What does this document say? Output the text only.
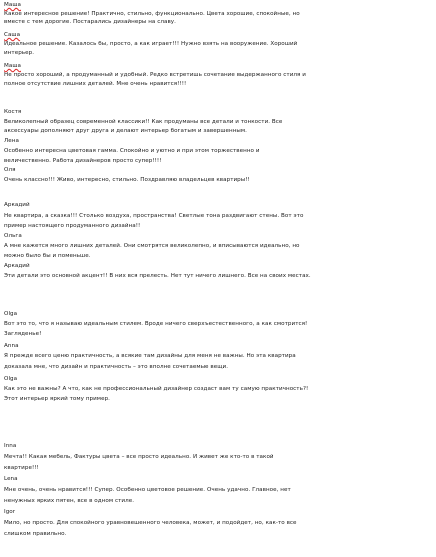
Маша
Какое интересное решение! Практично, стильно, функционально. Цвета хорошие, спокойные, но
вместе с тем дорогие. Постарались дизайнеры на славу.
Саша
Идеальное решение. Казалось бы, просто, а как играет!!! Нужно взять на вооружение. Хороший
интерьер.
Маша
Не просто хороший, а продуманный и удобный. Редко встретишь сочетание выдержанного стиля и
полное отсутствие лишних деталей. Мне очень нравится!!!!
Костя
Великолепный образец современной классики!! Как продуманы все детали и тонкости. Все
аксессуары дополняют друг друга и делают интерьер богатым и завершенным.
Лена
Особенно интересна цветовая гамма. Спокойно и уютно и при этом торжественно и
величественно. Работа дизайнеров просто супер!!!!
Оля
Очень классно!!! Живо, интересно, стильно. Поздравляю владельцев квартиры!!
Аркадий
Не квартира, а сказка!!! Столько воздуха, пространства! Светлые тона раздвигают стены. Вот это
пример настоящего продуманного дизайна!!
Ольга
А мне кажется много лишних деталей. Они смотрятся великолепно, и вписываются идеально, но
можно было бы и поменьше.
Аркадий
Эти детали это основной акцент!! В них вся прелесть. Нет тут ничего лишнего. Все на своих местах.
Olga
Вот это то, что я называю идеальным стилем. Вроде ничего сверхъестественного, а как смотрится!
Загляденье!
Anna
Я прежде всего ценю практичность, а всякие там дизайны для меня не важны. Но эта квартира
доказала мне, что дизайн и практичность – это вполне сочетаемые вещи.
Olga
Как это не важны? А что, как не профессиональный дизайнер создаст вам ту самую практичность?!
Этот интерьер яркий тому пример.
Inna
Мечта!! Какая мебель, Фактуры цвета – все просто идеально. И живет же кто-то в такой
квартире!!!
Lena
Мне очень, очень нравится!!! Супер. Особенно цветовое решение. Очень удачно. Главное, нет
ненужных ярких пятен, все в одном стиле.
Igor
Мило, но просто. Для спокойного уравновешенного человека, может, и подойдет, но, как-то все
слишком правильно.
